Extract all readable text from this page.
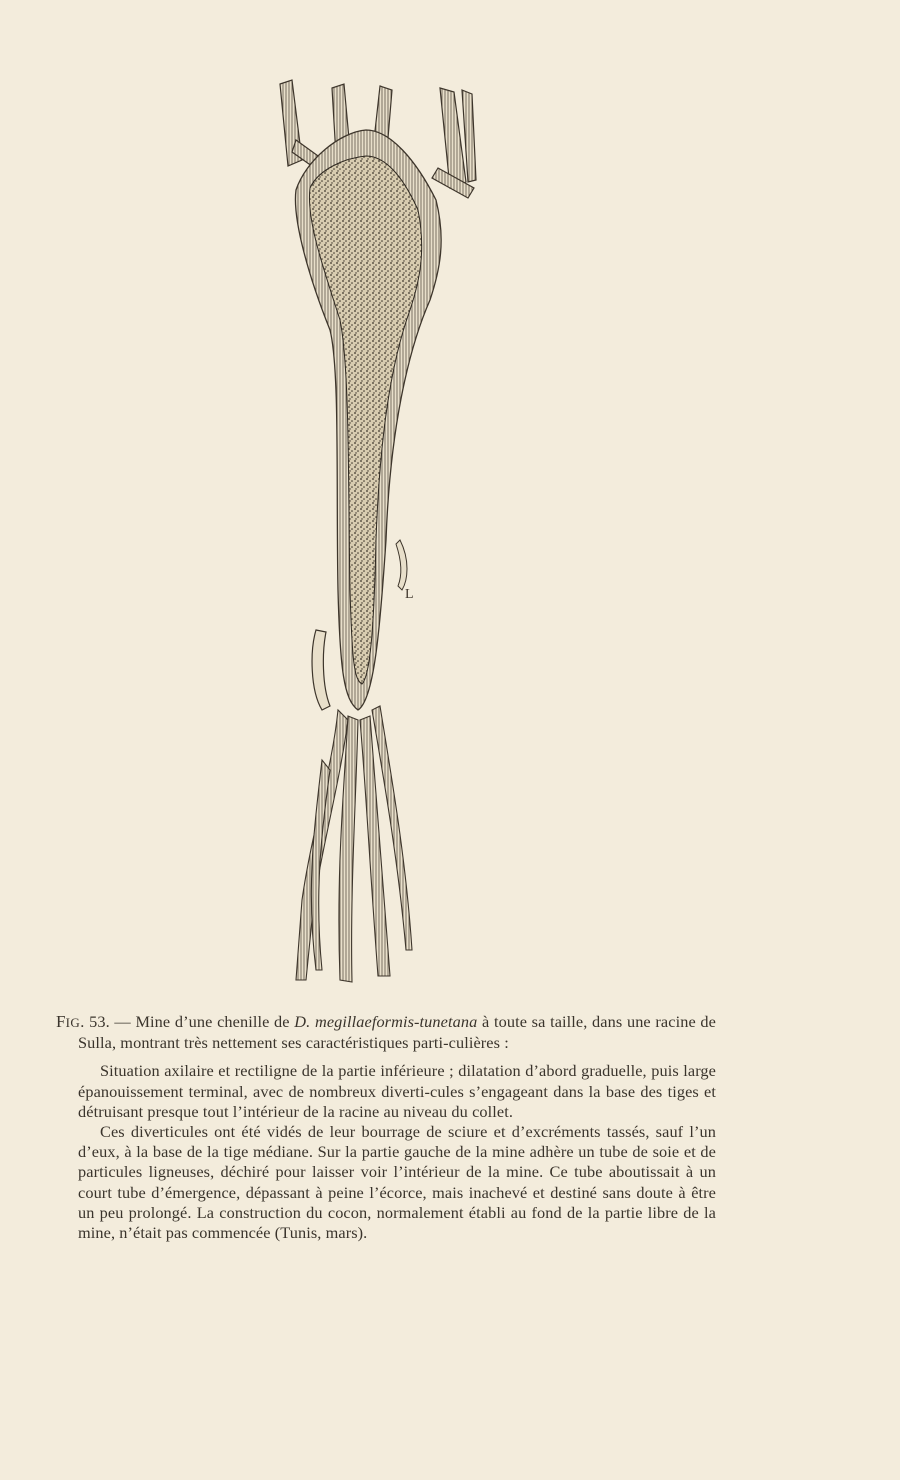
L

FIG. 53. — Mine d’une chenille de D. megillaeformis-tunetana à toute sa taille, dans une racine de Sulla, montrant très nettement ses caractéristiques parti-culières :

Situation axilaire et rectiligne de la partie inférieure ; dilatation d’abord graduelle, puis large épanouissement terminal, avec de nombreux diverti-cules s’engageant dans la base des tiges et détruisant presque tout l’intérieur de la racine au niveau du collet.

Ces diverticules ont été vidés de leur bourrage de sciure et d’excréments tassés, sauf l’un d’eux, à la base de la tige médiane. Sur la partie gauche de la mine adhère un tube de soie et de particules ligneuses, déchiré pour laisser voir l’intérieur de la mine. Ce tube aboutissait à un court tube d’émergence, dépassant à peine l’écorce, mais inachevé et destiné sans doute à être un peu prolongé. La construction du cocon, normalement établi au fond de la partie libre de la mine, n’était pas commencée (Tunis, mars).
